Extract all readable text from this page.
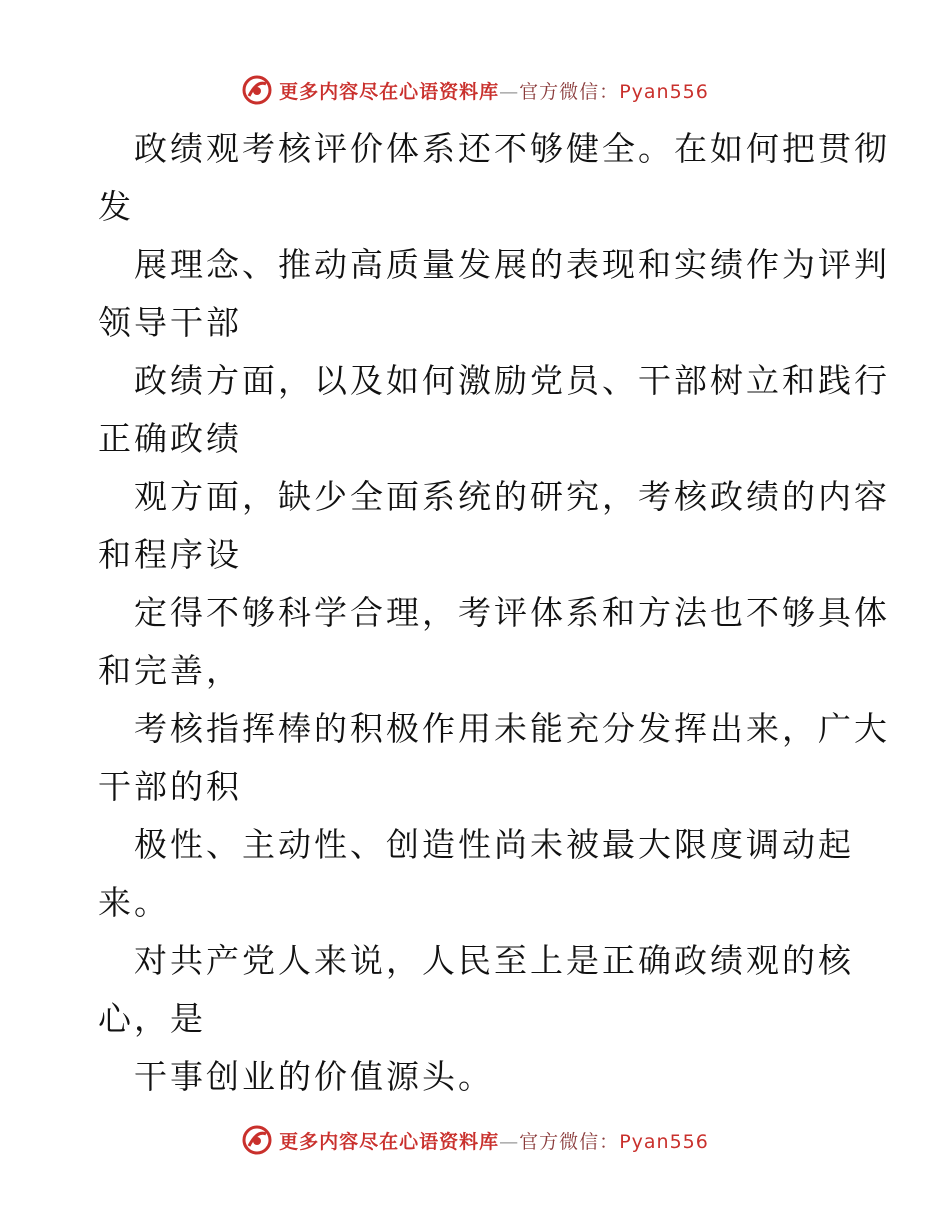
更多内容尽在心语资料库—官方微信：Pyan556
政绩观考核评价体系还不够健全。在如何把贯彻
发
展理念、推动高质量发展的表现和实绩作为评判
领导干部
政绩方面，以及如何激励党员、干部树立和践行
正确政绩
观方面，缺少全面系统的研究，考核政绩的内容
和程序设
定得不够科学合理，考评体系和方法也不够具体
和完善，
考核指挥棒的积极作用未能充分发挥出来，广大
干部的积
极性、主动性、创造性尚未被最大限度调动起
来。
对共产党人来说，人民至上是正确政绩观的核
心，是
干事创业的价值源头。
更多内容尽在心语资料库—官方微信：Pyan556
